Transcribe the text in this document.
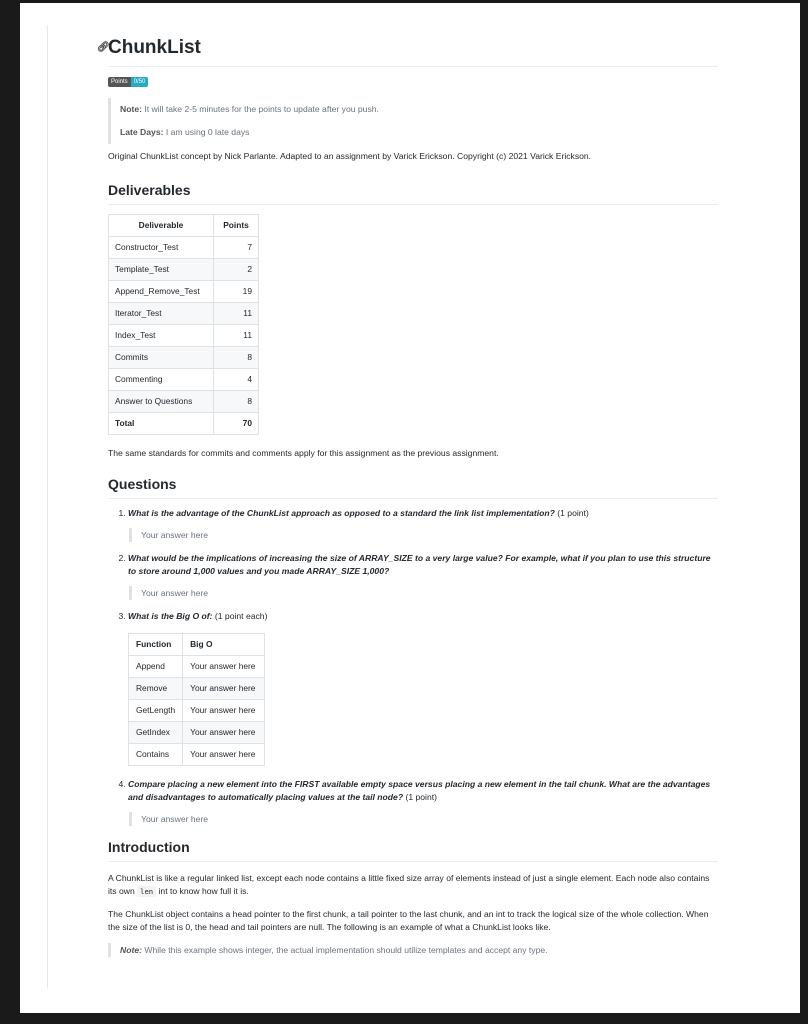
🔗︎
ChunkList
Points	0/50

Note: It will take 2-5 minutes for the points to update after you push.

Late Days: I am using 0 late days

Original ChunkList concept by Nick Parlante. Adapted to an assignment by Varick Erickson. Copyright (c) 2021 Varick Erickson.

Deliverables
Deliverable	Points
Constructor_Test	7
Template_Test	2
Append_Remove_Test	19
Iterator_Test	11
Index_Test	11
Commits	8
Commenting	4
Answer to Questions	8
Total	70

The same standards for commits and comments apply for this assignment as the previous assignment.

Questions
1. What is the advantage of the ChunkList approach as opposed to a standard the link list implementation? (1 point)
Your answer here
2. What would be the implications of increasing the size of ARRAY_SIZE to a very large value? For example, what if you plan to use this structure to store around 1,000 values and you made ARRAY_SIZE 1,000?
Your answer here
3. What is the Big O of: (1 point each)
Function	Big O
Append	Your answer here
Remove	Your answer here
GetLength	Your answer here
GetIndex	Your answer here
Contains	Your answer here
4. Compare placing a new element into the FIRST available empty space versus placing a new element in the tail chunk. What are the advantages and disadvantages to automatically placing values at the tail node? (1 point)
Your answer here
Introduction

A ChunkList is like a regular linked list, except each node contains a little fixed size array of elements instead of just a single element. Each node also contains its own len int to know how full it is.

The ChunkList object contains a head pointer to the first chunk, a tail pointer to the last chunk, and an int to track the logical size of the whole collection. When the size of the list is 0, the head and tail pointers are null. The following is an example of what a ChunkList looks like.

Note: While this example shows integer, the actual implementation should utilize templates and accept any type.
